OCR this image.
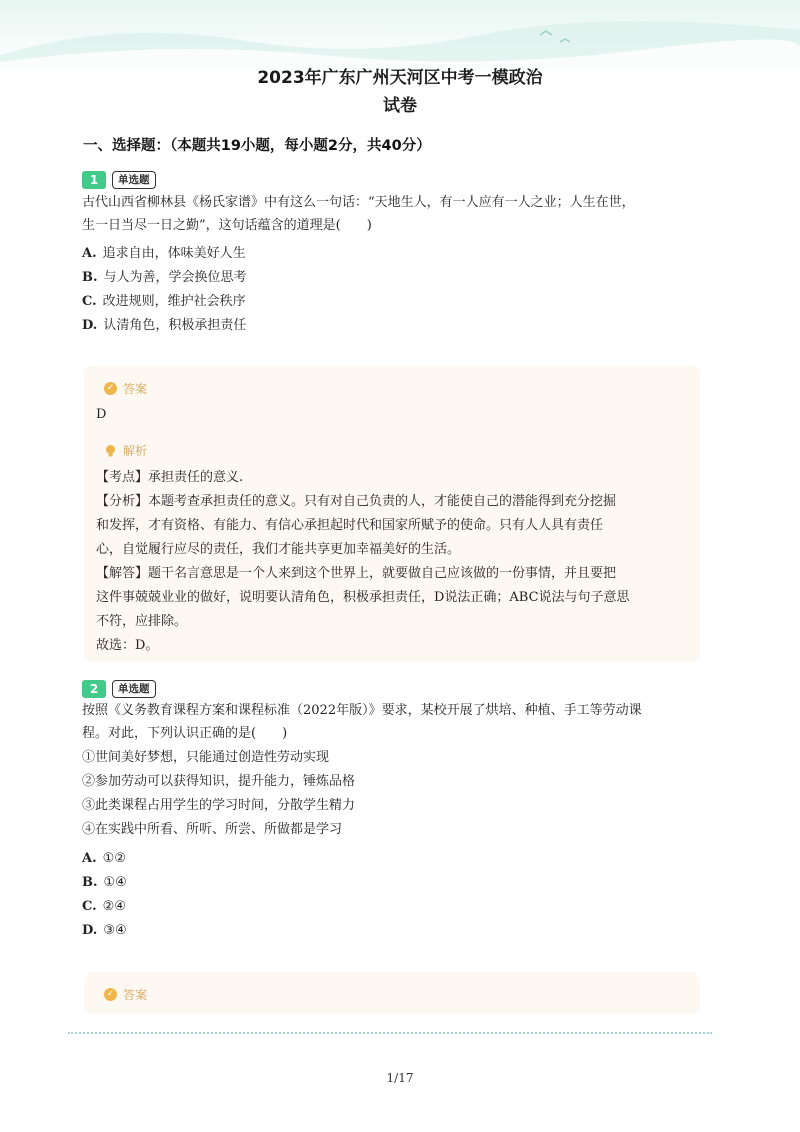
2023年广东广州天河区中考一模政治
试卷
一、选择题：（本题共19小题，每小题2分，共40分）
1	单选题
古代山西省柳林县《杨氏家谱》中有这么一句话：“天地生人，有一人应有一人之业；人生在世，
生一日当尽一日之勤”，这句话蕴含的道理是(　　)
A. 追求自由，体味美好人生
B. 与人为善，学会换位思考
C. 改进规则，维护社会秩序
D. 认清角色，积极承担责任
✓ 答案
D
解析
【考点】承担责任的意义.
【分析】本题考查承担责任的意义。只有对自己负责的人，才能使自己的潜能得到充分挖掘
和发挥，才有资格、有能力、有信心承担起时代和国家所赋予的使命。只有人人具有责任
心，自觉履行应尽的责任，我们才能共享更加幸福美好的生活。
【解答】题干名言意思是一个人来到这个世界上，就要做自己应该做的一份事情，并且要把
这件事兢兢业业的做好，说明要认清角色，积极承担责任，D说法正确；ABC说法与句子意思
不符，应排除。
故选：D。
2	单选题
按照《义务教育课程方案和课程标准（2022年版）》要求，某校开展了烘培、种植、手工等劳动课
程。对此，下列认识正确的是(　　)
①世间美好梦想，只能通过创造性劳动实现
②参加劳动可以获得知识，提升能力，锤炼品格
③此类课程占用学生的学习时间，分散学生精力
④在实践中所看、所听、所尝、所做都是学习
A. ①②
B. ①④
C. ②④
D. ③④
✓ 答案
1/17
